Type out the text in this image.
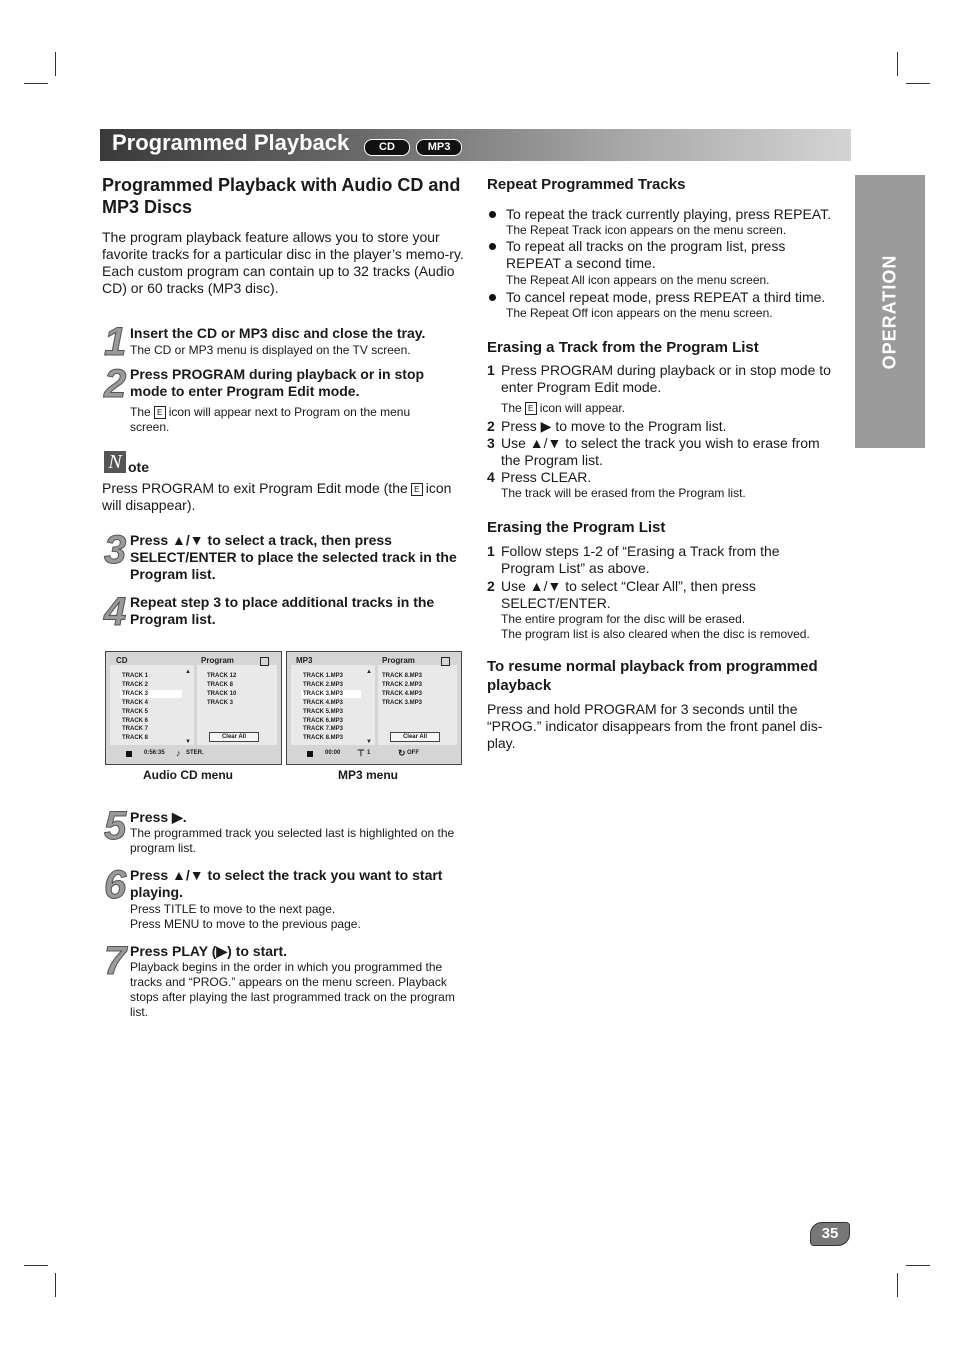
Programmed Playback	CD	MP3
OPERATION
Programmed Playback with Audio CD and MP3 Discs
The program playback feature allows you to store your favorite tracks for a particular disc in the player’s memo-ry. Each custom program can contain up to 32 tracks (Audio CD) or 60 tracks (MP3 disc).
1 Insert the CD or MP3 disc and close the tray.
The CD or MP3 menu is displayed on the TV screen.
2 Press PROGRAM during playback or in stop mode to enter Program Edit mode.
The E icon will appear next to Program on the menu screen.
N ote
Press PROGRAM to exit Program Edit mode (the E icon will disappear).
3 Press ▲/▼ to select a track, then press SELECT/ENTER to place the selected track in the Program list.
4 Repeat step 3 to place additional tracks in the Program list.
CD	Program
TRACK 1
TRACK 2
TRACK 3
TRACK 4
TRACK 5
TRACK 6
TRACK 7
TRACK 8
▲
▼
TRACK 12
TRACK 8
TRACK 10
TRACK 3
Clear All
0:56:35 ♪ STER.
Audio CD menu
MP3	Program
TRACK 1.MP3
TRACK 2.MP3
TRACK 3.MP3
TRACK 4.MP3
TRACK 5.MP3
TRACK 6.MP3
TRACK 7.MP3
TRACK 8.MP3
▲
▼
TRACK 8.MP3
TRACK 2.MP3
TRACK 4.MP3
TRACK 3.MP3
Clear All
00:00 ⊤ 1	↻ OFF
MP3 menu
5 Press ▶.
The programmed track you selected last is highlighted on the program list.
6 Press ▲/▼ to select the track you want to start playing.
Press TITLE to move to the next page.
Press MENU to move to the previous page.
7 Press PLAY (▶) to start.
Playback begins in the order in which you programmed the tracks and “PROG.” appears on the menu screen. Playback stops after playing the last programmed track on the program list.
Repeat Programmed Tracks
To repeat the track currently playing, press REPEAT.
The Repeat Track icon appears on the menu screen.
To repeat all tracks on the program list, press REPEAT a second time.
The Repeat All icon appears on the menu screen.
To cancel repeat mode, press REPEAT a third time.
The Repeat Off icon appears on the menu screen.
Erasing a Track from the Program List
1 Press PROGRAM during playback or in stop mode to enter Program Edit mode.
The E icon will appear.
2 Press ▶ to move to the Program list.
3 Use ▲/▼ to select the track you wish to erase from the Program list.
4 Press CLEAR.
The track will be erased from the Program list.
Erasing the Program List
1 Follow steps 1-2 of “Erasing a Track from the Program List” as above.
2 Use ▲/▼ to select “Clear All”, then press SELECT/ENTER.
The entire program for the disc will be erased.
The program list is also cleared when the disc is removed.
To resume normal playback from programmed playback
Press and hold PROGRAM for 3 seconds until the “PROG.” indicator disappears from the front panel dis-play.
35
